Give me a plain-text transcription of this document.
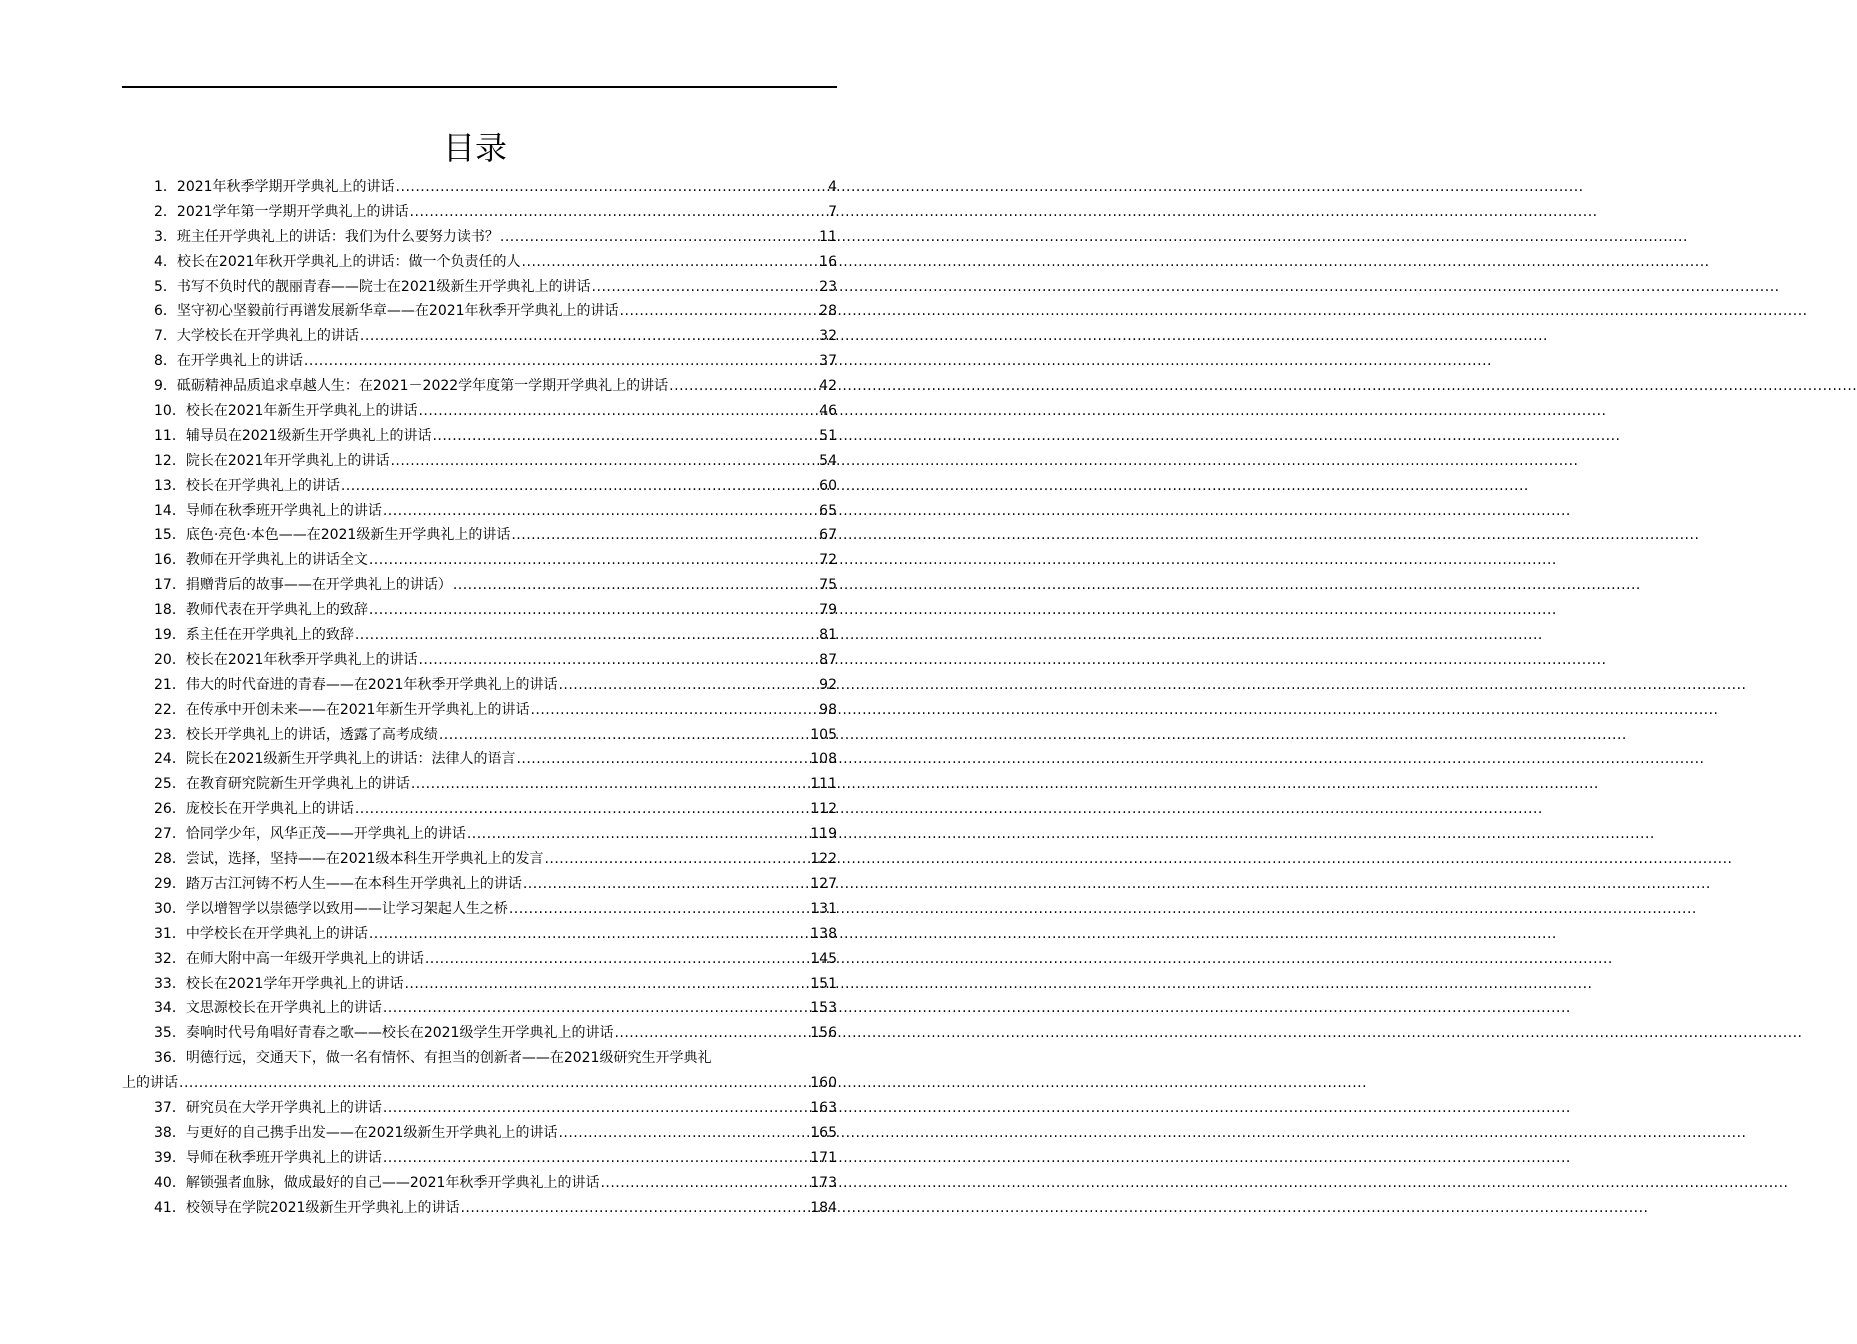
目录
1．2021年秋季学期开学典礼上的讲话 .....	4
2．2021学年第一学期开学典礼上的讲话 .....	7
3．班主任开学典礼上的讲话：我们为什么要努力读书？ .....	11
4．校长在2021年秋开学典礼上的讲话：做一个负责任的人 .....	16
5．书写不负时代的靓丽青春——院士在2021级新生开学典礼上的讲话 .....	23
6．坚守初心坚毅前行再谱发展新华章——在2021年秋季开学典礼上的讲话 .....	28
7．大学校长在开学典礼上的讲话 .....	32
8．在开学典礼上的讲话 .....	37
9．砥砺精神品质追求卓越人生：在2021－2022学年度第一学期开学典礼上的讲话 .....	42
10．校长在2021年新生开学典礼上的讲话 .....	46
11．辅导员在2021级新生开学典礼上的讲话 .....	51
12．院长在2021年开学典礼上的讲话 .....	54
13．校长在开学典礼上的讲话 .....	60
14．导师在秋季班开学典礼上的讲话 .....	65
15．底色·亮色·本色——在2021级新生开学典礼上的讲话 .....	67
16．教师在开学典礼上的讲话全文 .....	72
17．捐赠背后的故事——在开学典礼上的讲话） .....	75
18．教师代表在开学典礼上的致辞 .....	79
19．系主任在开学典礼上的致辞 .....	81
20．校长在2021年秋季开学典礼上的讲话 .....	87
21．伟大的时代奋进的青春——在2021年秋季开学典礼上的讲话 .....	92
22．在传承中开创未来——在2021年新生开学典礼上的讲话 .....	98
23．校长开学典礼上的讲话，透露了高考成绩 .....	105
24．院长在2021级新生开学典礼上的讲话：法律人的语言 .....	108
25．在教育研究院新生开学典礼上的讲话 .....	111
26．庞校长在开学典礼上的讲话 .....	112
27．恰同学少年，风华正茂——开学典礼上的讲话 .....	119
28．尝试，选择，坚持——在2021级本科生开学典礼上的发言 .....	122
29．踏万古江河铸不朽人生——在本科生开学典礼上的讲话 .....	127
30．学以增智学以崇德学以致用——让学习架起人生之桥 .....	131
31．中学校长在开学典礼上的讲话 .....	138
32．在师大附中高一年级开学典礼上的讲话 .....	145
33．校长在2021学年开学典礼上的讲话 .....	151
34．文思源校长在开学典礼上的讲话 .....	153
35．奏响时代号角唱好青春之歌——校长在2021级学生开学典礼上的讲话 .....	156
36．明德行远，交通天下，做一名有情怀、有担当的创新者——在2021级研究生开学典礼
上的讲话 .....	160
37．研究员在大学开学典礼上的讲话 .....	163
38．与更好的自己携手出发——在2021级新生开学典礼上的讲话 .....	165
39．导师在秋季班开学典礼上的讲话 .....	171
40．解锁强者血脉，做成最好的自己——2021年秋季开学典礼上的讲话 .....	173
41．校领导在学院2021级新生开学典礼上的讲话 .....	184
